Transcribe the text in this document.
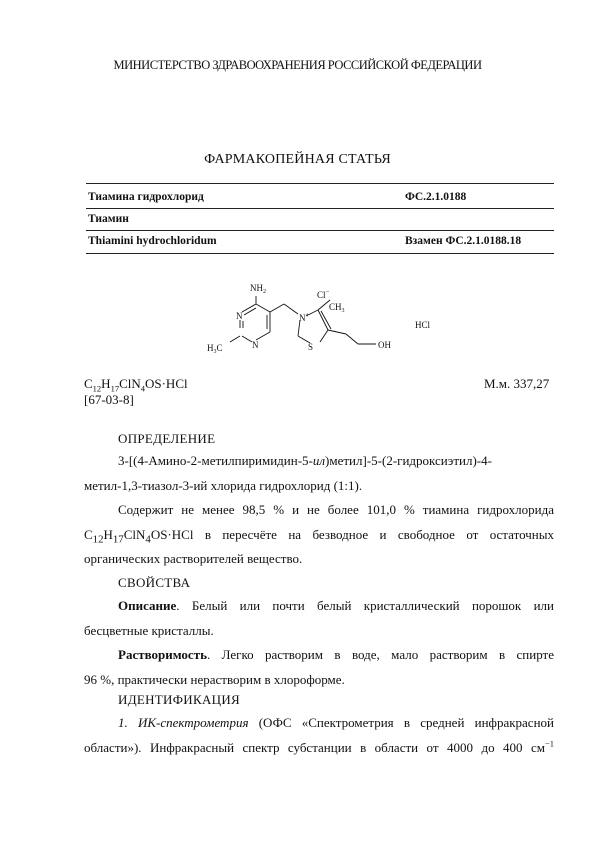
МИНИСТЕРСТВО ЗДРАВООХРАНЕНИЯ РОССИЙСКОЙ ФЕДЕРАЦИИ
ФАРМАКОПЕЙНАЯ СТАТЬЯ
Тиамина гидрохлорид	ФС.2.1.0188
Тиамин
Thiamini hydrochloridum	Взамен ФС.2.1.0188.18
$NH_2$
N
N
$H_3C$
Cl−
N+
$CH_3$
S	OH
HCl
$C_{12}H_{17}ClN_4OS\cdot HCl$
[67-03-8]
М.м. 337,27
ОПРЕДЕЛЕНИЕ
3-[(4-Амино-2-метилпиримидин-5-ил)метил]-5-(2-гидроксиэтил)-4-
метил-1,3-тиазол-3-ий хлорида гидрохлорид (1:1).
Содержит не менее 98,5 % и не более 101,0 % тиамина гидрохлорида
$C_{12}H_{17}ClN_4OS\cdot HCl$ в пересчёте на безводное и свободное от остаточных
органических растворителей вещество.
СВОЙСТВА
Описание. Белый или почти белый кристаллический порошок или
бесцветные кристаллы.
Растворимость. Легко растворим в воде, мало растворим в спирте
96 %, практически нерастворим в хлороформе.
ИДЕНТИФИКАЦИЯ
1. ИК-спектрометрия (ОФС «Спектрометрия в средней инфракрасной
области»). Инфракрасный спектр субстанции в области от 4000 до 400 $см^{-1}$
